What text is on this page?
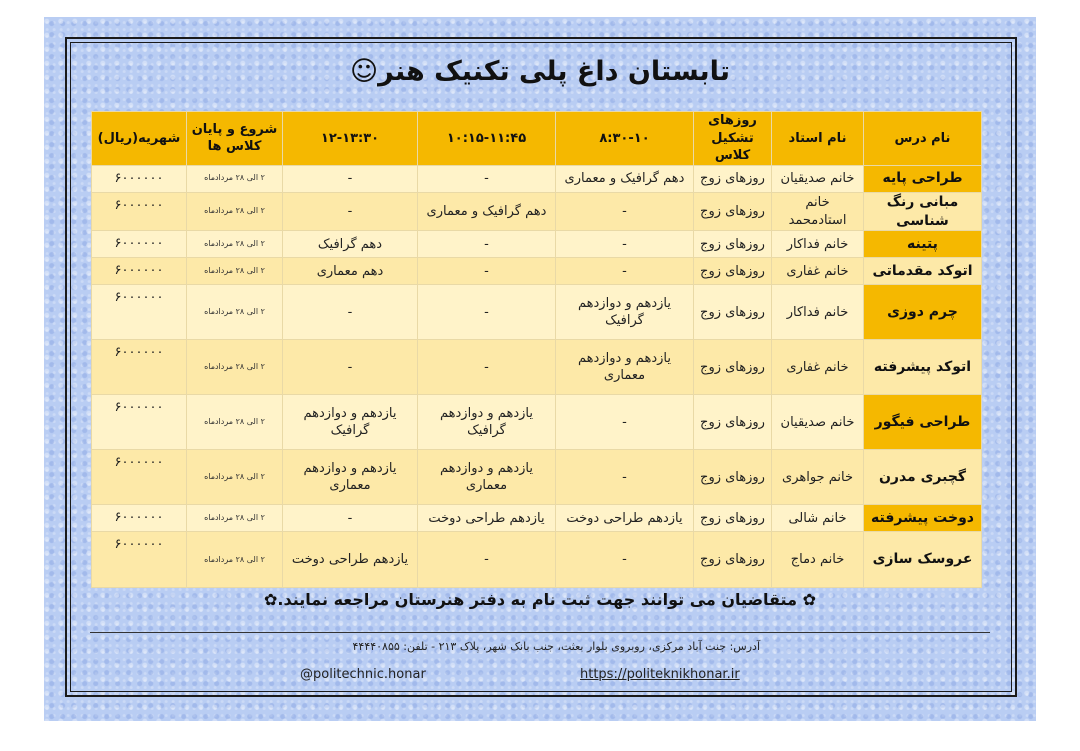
تابستان داغ پلی تکنیک هنر☺
نام درس	نام استاد	روزهای تشکیل کلاس	۸:۳۰-۱۰	۱۰:۱۵-۱۱:۴۵	۱۲-۱۳:۳۰	شروع و پایان کلاس ها	شهریه(ریال)
طراحی پایه	خانم صدیقیان	روزهای زوج	دهم گرافیک و معماری	-	-	۲ الی ۲۸ مردادماه	۶۰۰۰۰۰۰
مبانی رنگ شناسی	خانم استادمحمد	روزهای زوج	-	دهم گرافیک و معماری	-	۲ الی ۲۸ مردادماه	۶۰۰۰۰۰۰
پتینه	خانم فداکار	روزهای زوج	-	-	دهم گرافیک	۲ الی ۲۸ مردادماه	۶۰۰۰۰۰۰
اتوکد مقدماتی	خانم غفاری	روزهای زوج	-	-	دهم معماری	۲ الی ۲۸ مردادماه	۶۰۰۰۰۰۰
چرم دوزی	خانم فداکار	روزهای زوج	یازدهم و دوازدهم گرافیک	-	-	۲ الی ۲۸ مردادماه	۶۰۰۰۰۰۰
اتوکد پیشرفته	خانم غفاری	روزهای زوج	یازدهم و دوازدهم معماری	-	-	۲ الی ۲۸ مردادماه	۶۰۰۰۰۰۰
طراحی فیگور	خانم صدیقیان	روزهای زوج	-	یازدهم و دوازدهم گرافیک	یازدهم و دوازدهم گرافیک	۲ الی ۲۸ مردادماه	۶۰۰۰۰۰۰
گچبری مدرن	خانم جواهری	روزهای زوج	-	یازدهم و دوازدهم معماری	یازدهم و دوازدهم معماری	۲ الی ۲۸ مردادماه	۶۰۰۰۰۰۰
دوخت پیشرفته	خانم شالی	روزهای زوج	یازدهم طراحی دوخت	یازدهم طراحی دوخت	-	۲ الی ۲۸ مردادماه	۶۰۰۰۰۰۰
عروسک سازی	خانم دماج	روزهای زوج	-	-	یازدهم طراحی دوخت	۲ الی ۲۸ مردادماه	۶۰۰۰۰۰۰
✿ متقاضیان می توانند جهت ثبت نام به دفتر هنرستان مراجعه نمایند.✿
آدرس: جنت آباد مرکزی، روبروی بلوار بعثت، جنب بانک شهر، پلاک ۲۱۳ - تلفن: ۴۴۴۴۰۸۵۵
@politechnic.honar	https://politeknikhonar.ir
